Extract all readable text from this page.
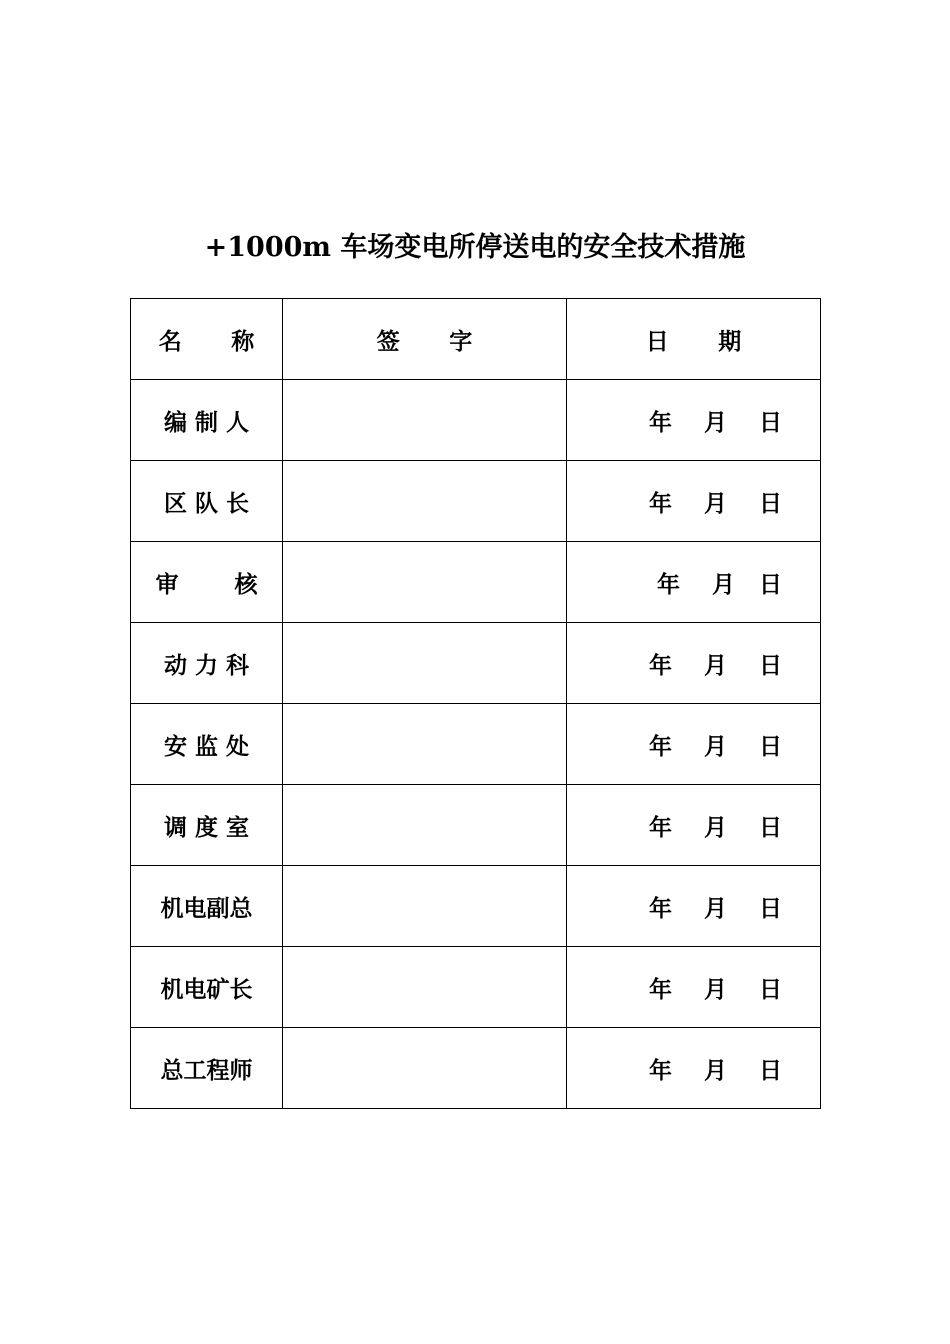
+1000m 车场变电所停送电的安全技术措施
名 称	签 字	日 期
编 制 人		年    月    日
区 队 长		年    月    日
审       核		年    月   日
动 力 科		年    月    日
安 监 处		年    月    日
调 度 室		年    月    日
机电副总		年    月    日
机电矿长		年    月    日
总工程师		年    月    日
